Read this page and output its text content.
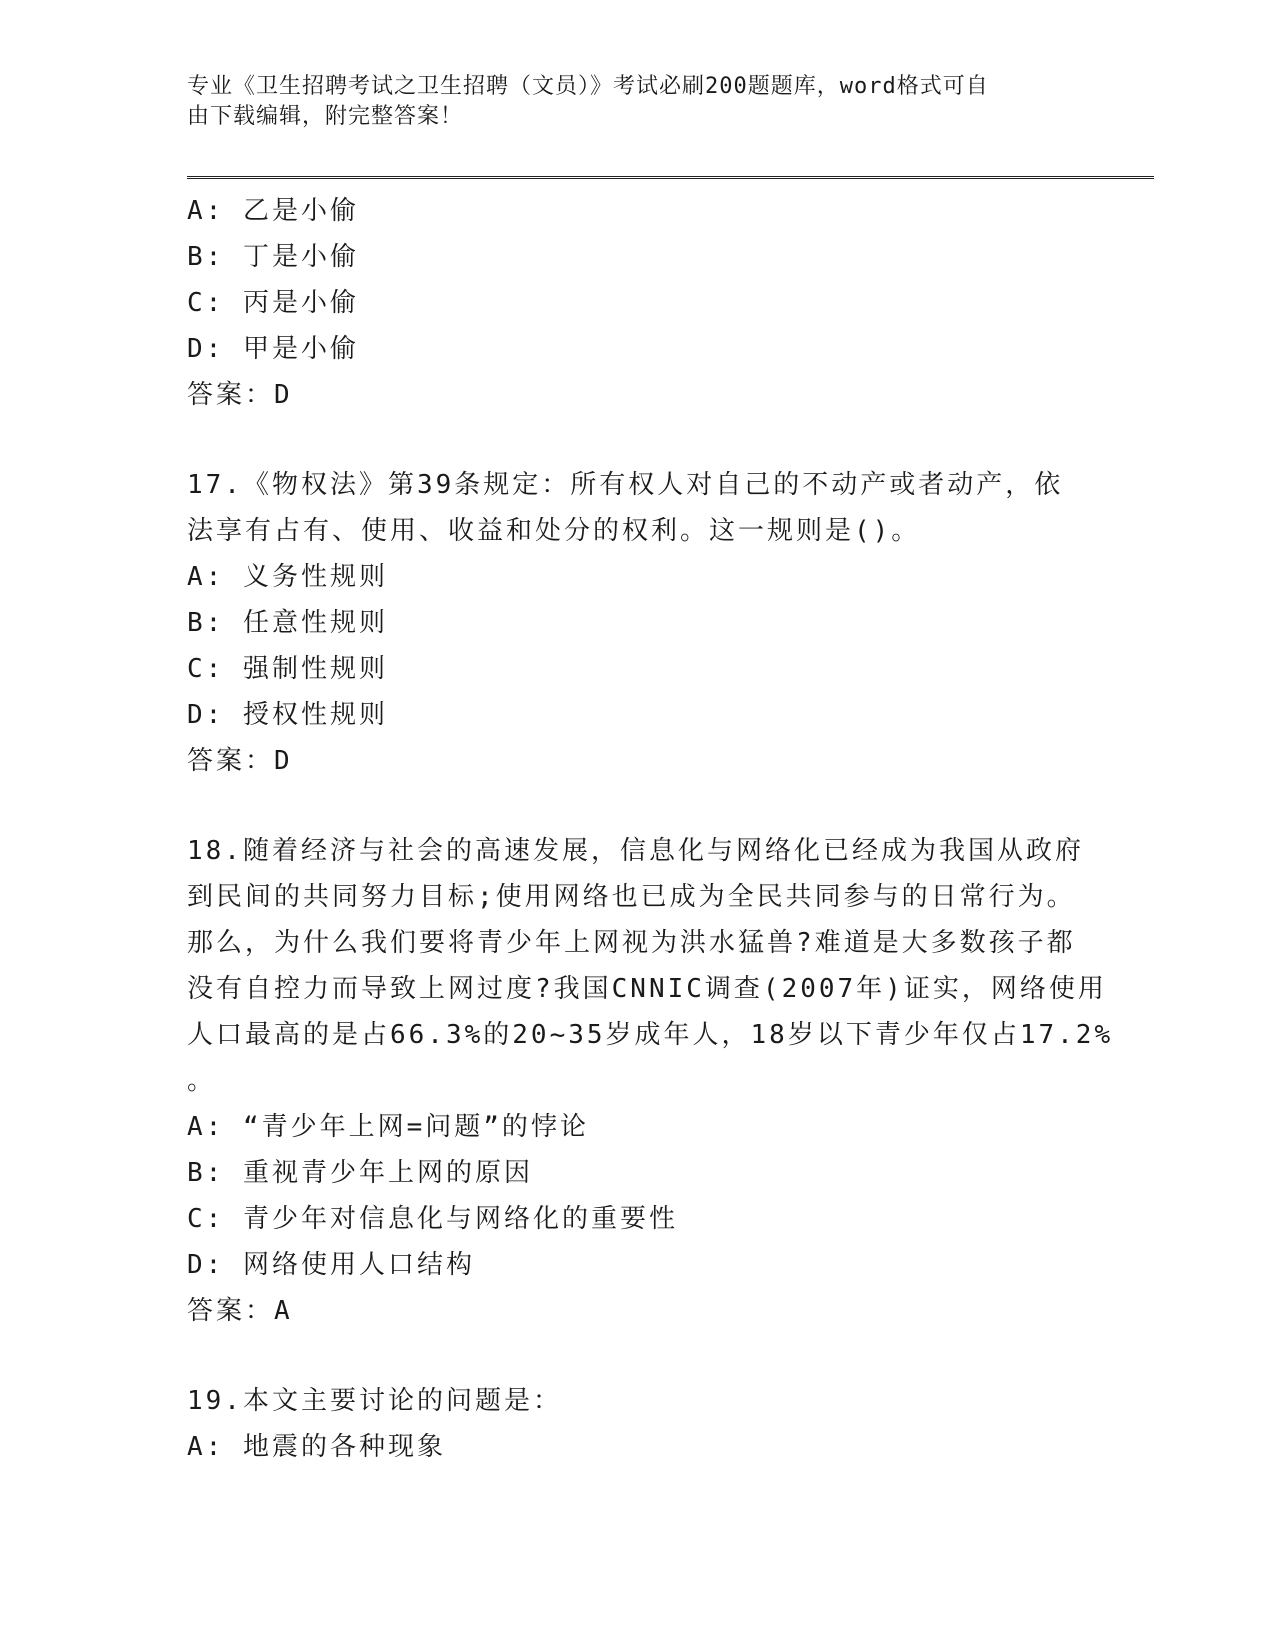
专业《卫生招聘考试之卫生招聘（文员）》考试必刷200题题库，word格式可自
由下载编辑，附完整答案！
A: 乙是小偷
B: 丁是小偷
C: 丙是小偷
D: 甲是小偷
答案：D
17.《物权法》第39条规定：所有权人对自己的不动产或者动产，依
法享有占有、使用、收益和处分的权利。这一规则是()。
A: 义务性规则
B: 任意性规则
C: 强制性规则
D: 授权性规则
答案：D
18.随着经济与社会的高速发展，信息化与网络化已经成为我国从政府
到民间的共同努力目标;使用网络也已成为全民共同参与的日常行为。
那么，为什么我们要将青少年上网视为洪水猛兽?难道是大多数孩子都
没有自控力而导致上网过度?我国CNNIC调查(2007年)证实，网络使用
人口最高的是占66.3%的20~35岁成年人，18岁以下青少年仅占17.2%
。
A: “青少年上网=问题”的悖论
B: 重视青少年上网的原因
C: 青少年对信息化与网络化的重要性
D: 网络使用人口结构
答案：A
19.本文主要讨论的问题是：
A: 地震的各种现象
